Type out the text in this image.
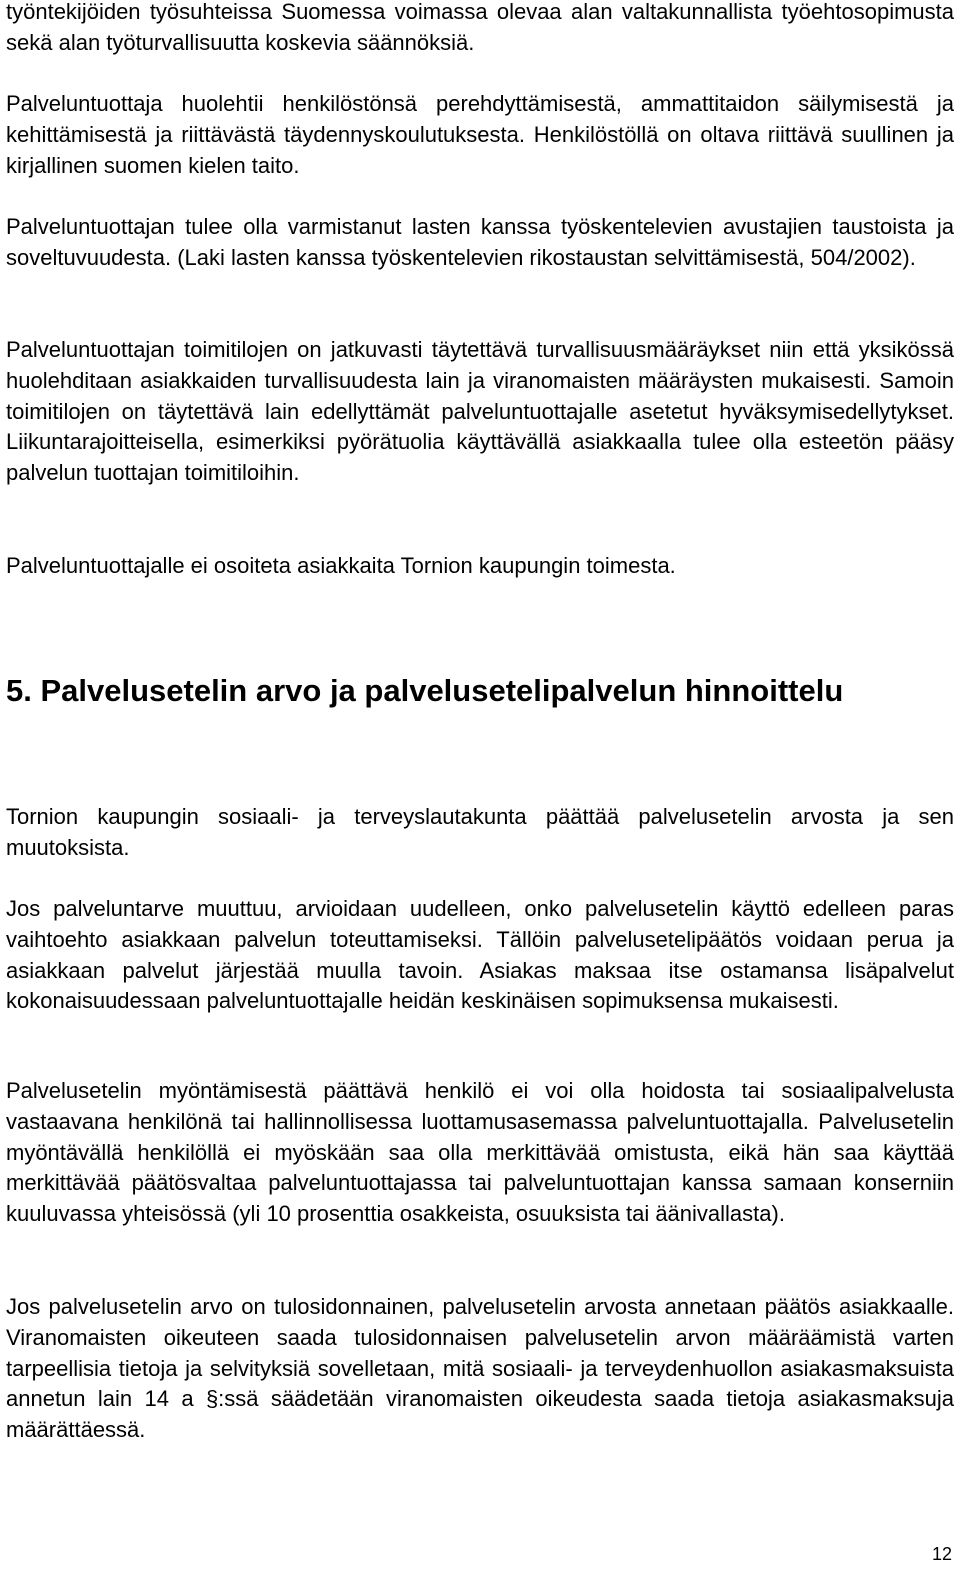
työntekijöiden työsuhteissa Suomessa voimassa olevaa alan valtakunnallista työehtosopimusta sekä alan työturvallisuutta koskevia säännöksiä.

Palveluntuottaja huolehtii henkilöstönsä perehdyttämisestä, ammattitaidon säilymisestä ja kehittämisestä ja riittävästä täydennyskoulutuksesta. Henkilöstöllä on oltava riittävä suullinen ja kirjallinen suomen kielen taito.

Palveluntuottajan tulee olla varmistanut lasten kanssa työskentelevien avustajien taustoista ja soveltuvuudesta. (Laki lasten kanssa työskentelevien rikostaustan selvittämisestä, 504/2002).

Palveluntuottajan toimitilojen on jatkuvasti täytettävä turvallisuusmääräykset niin että yksikössä huolehditaan asiakkaiden turvallisuudesta lain ja viranomaisten määräysten mukaisesti. Samoin toimitilojen on täytettävä lain edellyttämät palveluntuottajalle asetetut hyväksymisedellytykset. Liikuntarajoitteisella, esimerkiksi pyörätuolia käyttävällä asiakkaalla tulee olla esteetön pääsy palvelun tuottajan toimitiloihin.

Palveluntuottajalle ei osoiteta asiakkaita Tornion kaupungin toimesta.

5. Palvelusetelin arvo ja palvelusetelipalvelun hinnoittelu

Tornion kaupungin sosiaali- ja terveyslautakunta päättää palvelusetelin arvosta ja sen muutoksista.

Jos palveluntarve muuttuu, arvioidaan uudelleen, onko palvelusetelin käyttö edelleen paras vaihtoehto asiakkaan palvelun toteuttamiseksi. Tällöin palvelusetelipäätös voidaan perua ja asiakkaan palvelut järjestää muulla tavoin. Asiakas maksaa itse ostamansa lisäpalvelut kokonaisuudessaan palveluntuottajalle heidän keskinäisen sopimuksensa mukaisesti.

Palvelusetelin myöntämisestä päättävä henkilö ei voi olla hoidosta tai sosiaalipalvelusta vastaavana henkilönä tai hallinnollisessa luottamusasemassa palveluntuottajalla. Palvelusetelin myöntävällä henkilöllä ei myöskään saa olla merkittävää omistusta, eikä hän saa käyttää merkittävää päätösvaltaa palveluntuottajassa tai palveluntuottajan kanssa samaan konserniin kuuluvassa yhteisössä (yli 10 prosenttia osakkeista, osuuksista tai äänivallasta).

Jos palvelusetelin arvo on tulosidonnainen, palvelusetelin arvosta annetaan päätös asiakkaalle. Viranomaisten oikeuteen saada tulosidonnaisen palvelusetelin arvon määräämistä varten tarpeellisia tietoja ja selvityksiä sovelletaan, mitä sosiaali- ja terveydenhuollon asiakasmaksuista annetun lain 14 a §:ssä säädetään viranomaisten oikeudesta saada tietoja asiakasmaksuja määrättäessä.

12
